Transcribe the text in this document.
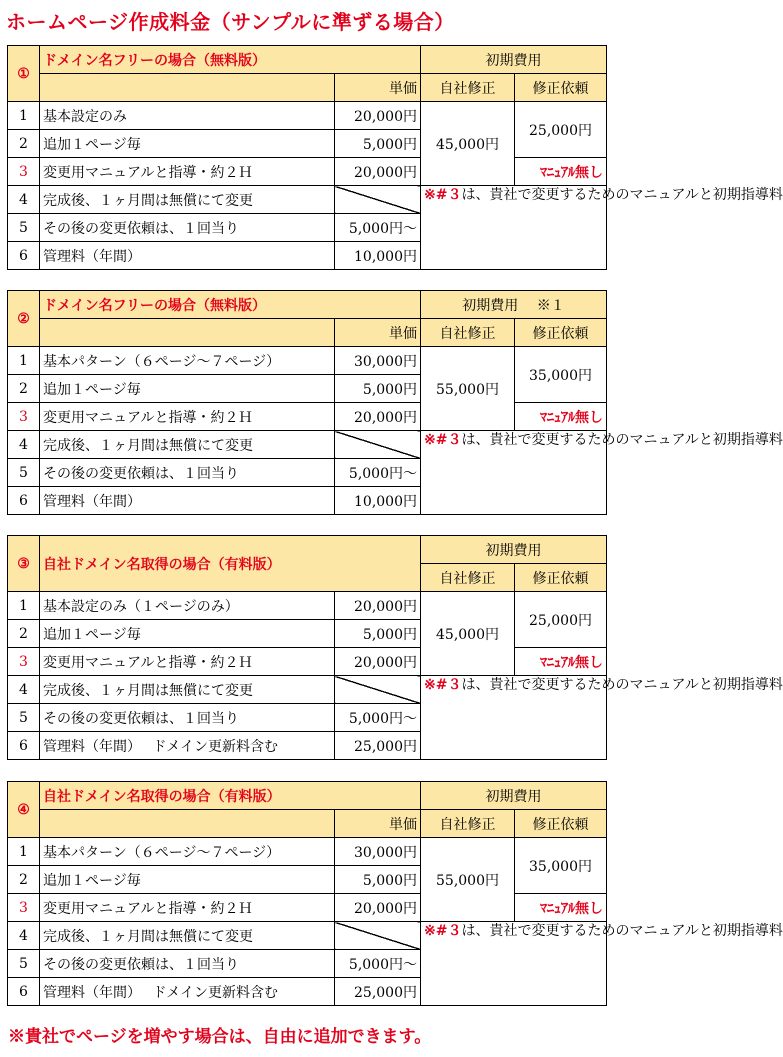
ホームページ作成料金（サンプルに準ずる場合）
①	ドメイン名フリーの場合（無料版）		初期費用	
		単価	自社修正	修正依頼
1	基本設定のみ	20,000円	45,000円	25,000円
2	追加１ページ毎	5,000円		
3	変更用マニュアルと指導・約２Ｈ	20,000円		ﾏﾆｭｱﾙ無し
4	完成後、１ヶ月間は無償にて変更		※#３は、貴社で変更するためのマニュアルと初期指導料	
5	その後の変更依頼は、１回当り	5,000円～		
6	管理料（年間）	10,000円		
②	ドメイン名フリーの場合（無料版）		初期費用　 ※１	
		単価	自社修正	修正依頼
1	基本パターン（６ページ～７ページ）	30,000円	55,000円	35,000円
2	追加１ページ毎	5,000円		
3	変更用マニュアルと指導・約２Ｈ	20,000円		ﾏﾆｭｱﾙ無し
4	完成後、１ヶ月間は無償にて変更		※#３は、貴社で変更するためのマニュアルと初期指導料	
5	その後の変更依頼は、１回当り	5,000円～		
6	管理料（年間）	10,000円		
③	自社ドメイン名取得の場合（有料版）		初期費用	
			自社修正	修正依頼
1	基本設定のみ（１ページのみ）	20,000円	45,000円	25,000円
2	追加１ページ毎	5,000円		
3	変更用マニュアルと指導・約２Ｈ	20,000円		ﾏﾆｭｱﾙ無し
4	完成後、１ヶ月間は無償にて変更		※#３は、貴社で変更するためのマニュアルと初期指導料	
5	その後の変更依頼は、１回当り	5,000円～		
6	管理料（年間）　 ドメイン更新料含む	25,000円		
④	自社ドメイン名取得の場合（有料版）		初期費用	
		単価	自社修正	修正依頼
1	基本パターン（６ページ～７ページ）	30,000円	55,000円	35,000円
2	追加１ページ毎	5,000円		
3	変更用マニュアルと指導・約２Ｈ	20,000円		ﾏﾆｭｱﾙ無し
4	完成後、１ヶ月間は無償にて変更		※#３は、貴社で変更するためのマニュアルと初期指導料	
5	その後の変更依頼は、１回当り	5,000円～		
6	管理料（年間）　 ドメイン更新料含む	25,000円		

※貴社でページを増やす場合は、自由に追加できます。
